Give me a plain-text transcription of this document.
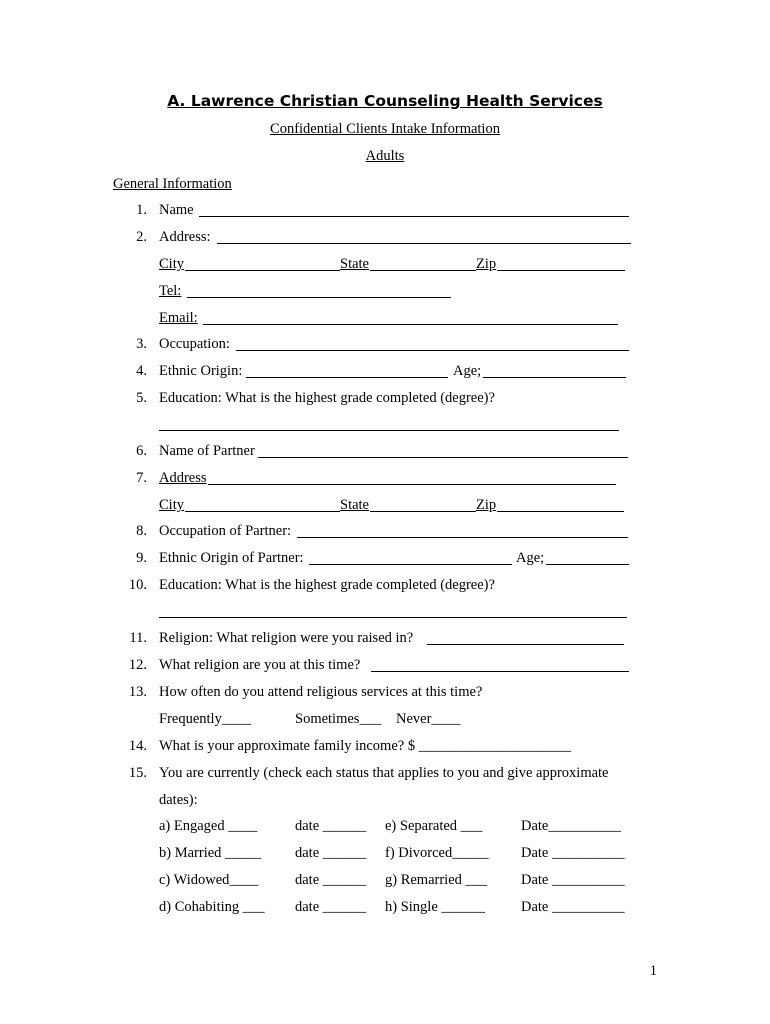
A. Lawrence Christian Counseling Health Services
Confidential Clients Intake Information
Adults
General Information
1. Name
2. Address:
City	State	Zip
Tel:
Email:
3. Occupation:
4. Ethnic Origin:	Age;
5. Education: What is the highest grade completed (degree)?
6. Name of Partner
7. Address
City	State	Zip
8. Occupation of Partner:
9. Ethnic Origin of Partner:	Age;
10. Education: What is the highest grade completed (degree)?
11. Religion: What religion were you raised in?
12. What religion are you at this time?
13. How often do you attend religious services at this time?
Frequently____	Sometimes___ Never____
14. What is your approximate family income? $ _____________________
15. You are currently (check each status that applies to you and give approximate
dates):
a) Engaged ____	date ______ e) Separated ___	Date__________
b) Married _____ date ______ f) Divorced_____ Date __________
c) Widowed____	date ______ g) Remarried ___ Date __________
d) Cohabiting ___ date ______ h) Single ______ Date __________
1
